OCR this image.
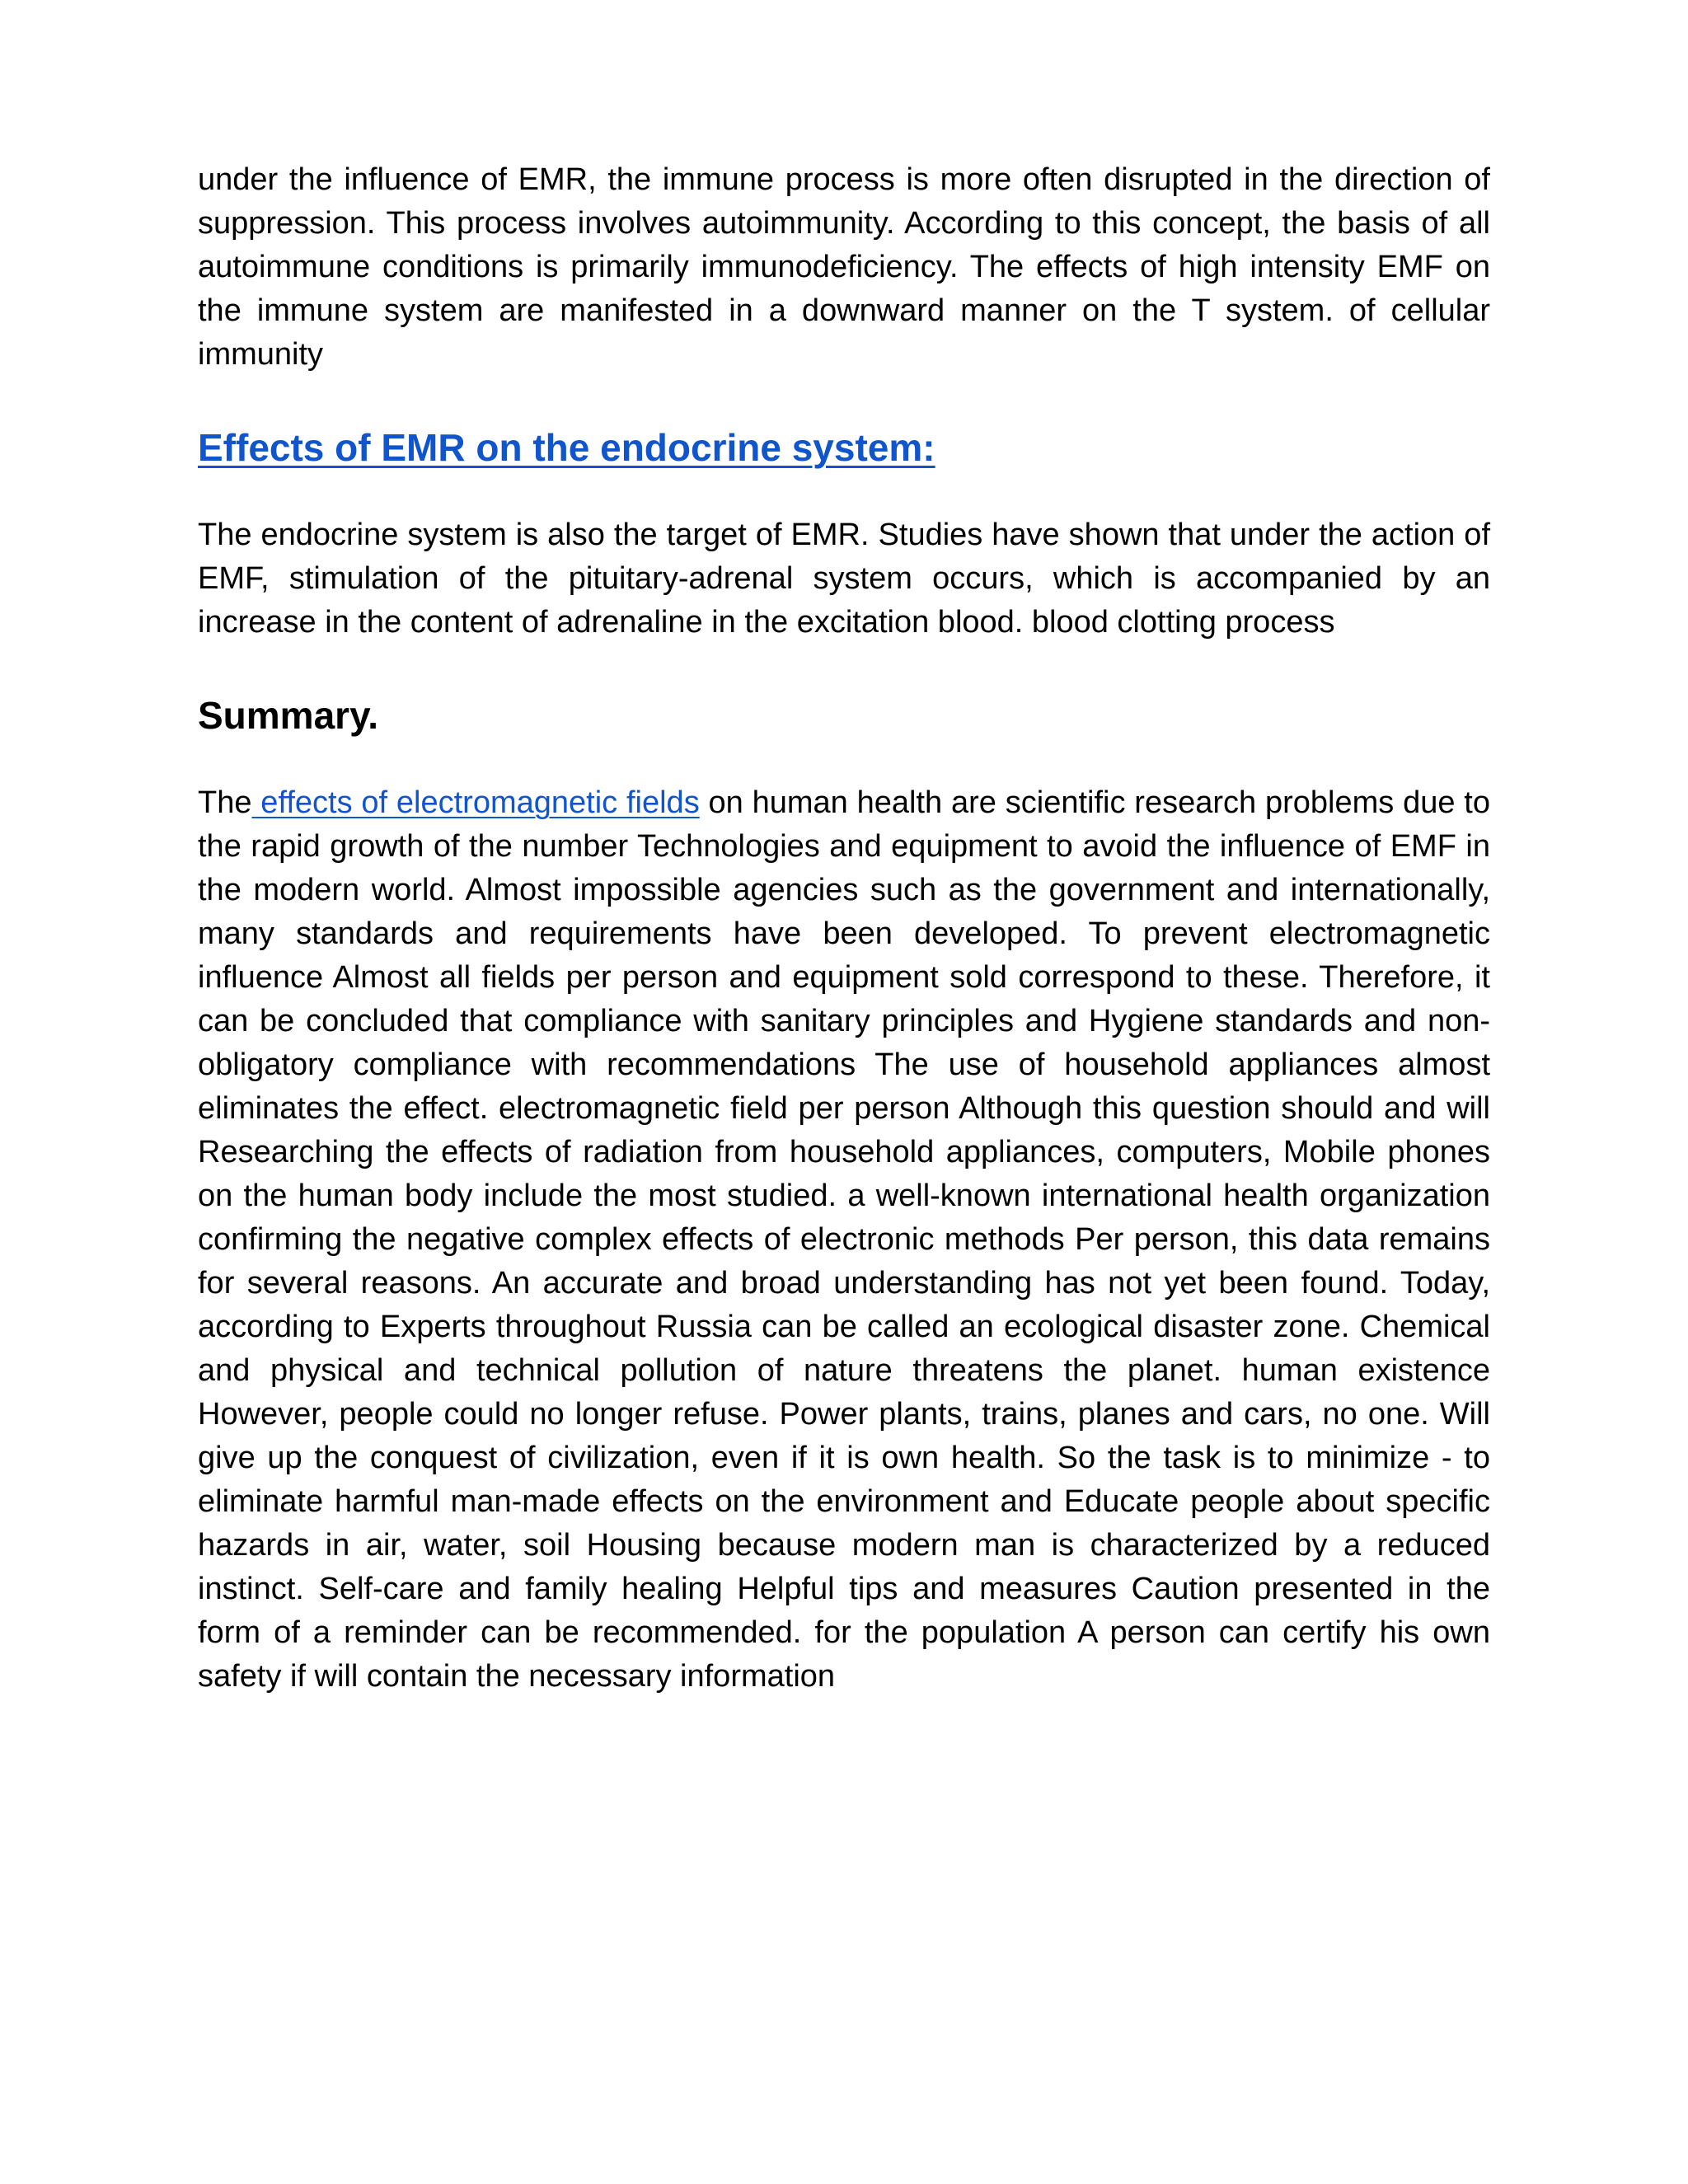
under the influence of EMR, the immune process is more often disrupted in the direction of suppression. This process involves autoimmunity. According to this concept, the basis of all autoimmune conditions is primarily immunodeficiency. The effects of high intensity EMF on the immune system are manifested in a downward manner on the T system. of cellular immunity

Effects of EMR on the endocrine system:

The endocrine system is also the target of EMR. Studies have shown that under the action of EMF, stimulation of the pituitary-adrenal system occurs, which is accompanied by an increase in the content of adrenaline in the excitation blood. blood clotting process

Summary.

The effects of electromagnetic fields on human health are scientific research problems due to the rapid growth of the number Technologies and equipment to avoid the influence of EMF in the modern world. Almost impossible agencies such as the government and internationally, many standards and requirements have been developed. To prevent electromagnetic influence Almost all fields per person and equipment sold correspond to these. Therefore, it can be concluded that compliance with sanitary principles and Hygiene standards and non-obligatory compliance with recommendations The use of household appliances almost eliminates the effect. electromagnetic field per person Although this question should and will Researching the effects of radiation from household appliances, computers, Mobile phones on the human body include the most studied. a well-known international health organization confirming the negative complex effects of electronic methods Per person, this data remains for several reasons. An accurate and broad understanding has not yet been found. Today, according to Experts throughout Russia can be called an ecological disaster zone. Chemical and physical and technical pollution of nature threatens the planet. human existence However, people could no longer refuse. Power plants, trains, planes and cars, no one. Will give up the conquest of civilization, even if it is own health. So the task is to minimize - to eliminate harmful man-made effects on the environment and Educate people about specific hazards in air, water, soil Housing because modern man is characterized by a reduced instinct. Self-care and family healing Helpful tips and measures Caution presented in the form of a reminder can be recommended. for the population A person can certify his own safety if will contain the necessary information
